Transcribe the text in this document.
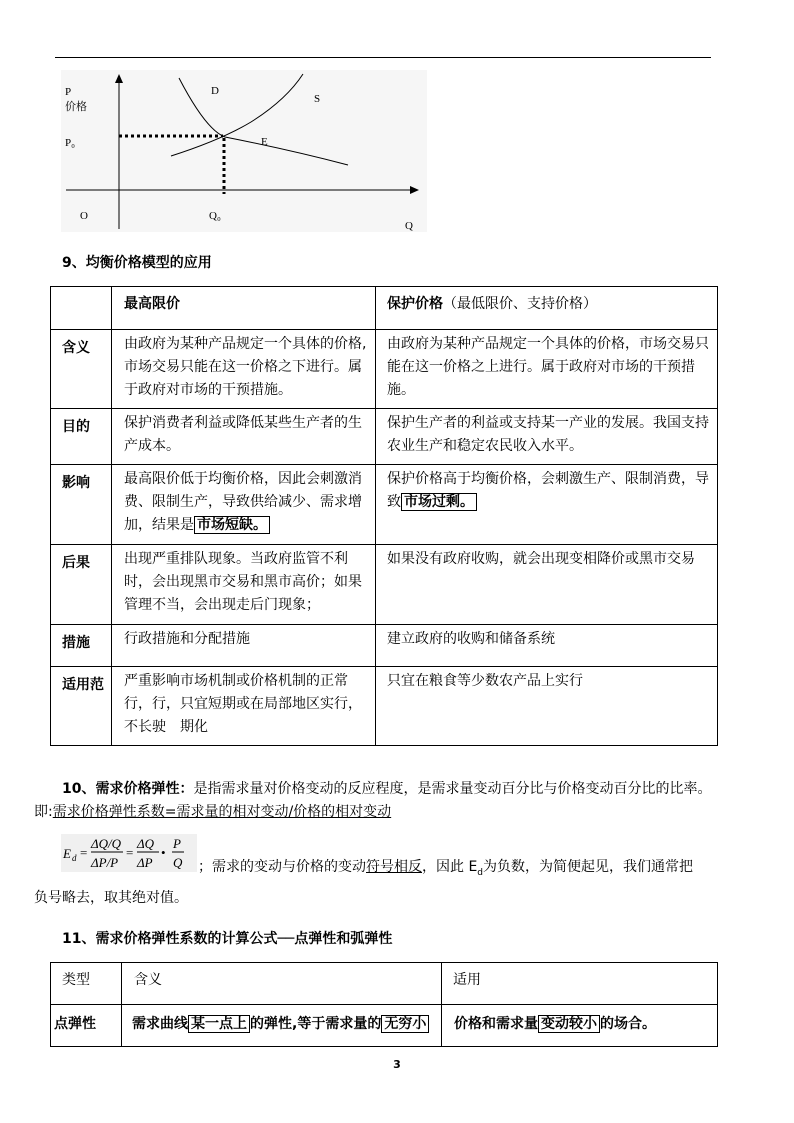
P
价格
P₀
D
S
E
O	Q₀
Q
9、均衡价格模型的应用
	最高限价	保护价格（最低限价、支持价格）
含义	由政府为某种产品规定一个具体的价格,市场交易只能在这一价格之下进行。属于政府对市场的干预措施。	由政府为某种产品规定一个具体的价格，市场交易只能在这一价格之上进行。属于政府对市场的干预措施。
目的	保护消费者利益或降低某些生产者的生产成本。	保护生产者的利益或支持某一产业的发展。我国支持农业生产和稳定农民收入水平。
影响	最高限价低于均衡价格，因此会刺激消费、限制生产，导致供给减少、需求增加，结果是 市场短缺。	保护价格高于均衡价格，会刺激生产、限制消费，导致 市场过剩。
后果	出现严重排队现象。当政府监管不利时，会出现黑市交易和黑市高价；如果管理不当，会出现走后门现象；	如果没有政府收购，就会出现变相降价或黑市交易
措施	行政措施和分配措施	建立政府的收购和储备系统
适用范	严重影响市场机制或价格机制的正常行，行，只宜短期或在局部地区实行，不长驶　期化	只宜在粮食等少数农产品上实行
10、需求价格弹性：是指需求量对价格变动的反应程度，是需求量变动百分比与价格变动百分比的比率。即:需求价格弹性系数=需求量的相对变动/价格的相对变动
E d =
ΔQ/Q
ΔP/P
=
ΔQ
ΔP
•
P
Q ；需求的变动与价格的变动符号相反，因此 $E_d$为负数，为简便起见，我们通常把
负号略去，取其绝对值。
11、需求价格弹性系数的计算公式──点弹性和弧弹性
类型	含义	适用
点弹性	需求曲线 某一点上 的弹性,等于需求量的 无穷小	价格和需求量 变动较小 的场合。
3
